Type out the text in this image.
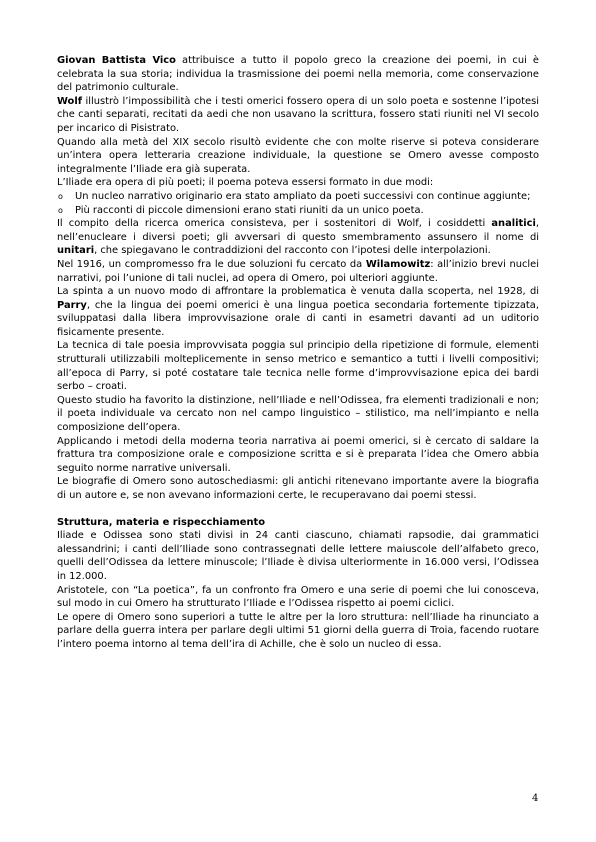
Giovan Battista Vico attribuisce a tutto il popolo greco la creazione dei poemi, in cui è celebrata la sua storia; individua la trasmissione dei poemi nella memoria, come conservazione del patrimonio culturale.

Wolf illustrò l’impossibilità che i testi omerici fossero opera di un solo poeta e sostenne l’ipotesi che canti separati, recitati da aedi che non usavano la scrittura, fossero stati riuniti nel VI secolo per incarico di Pisistrato.

Quando alla metà del XIX secolo risultò evidente che con molte riserve si poteva considerare un’intera opera letteraria creazione individuale, la questione se Omero avesse composto integralmente l’Iliade era già superata.

L’Iliade era opera di più poeti; il poema poteva essersi formato in due modi:

o Un nucleo narrativo originario era stato ampliato da poeti successivi con continue aggiunte;
o Più racconti di piccole dimensioni erano stati riuniti da un unico poeta.

Il compito della ricerca omerica consisteva, per i sostenitori di Wolf, i cosiddetti analitici, nell’enucleare i diversi poeti; gli avversari di questo smembramento assunsero il nome di unitari, che spiegavano le contraddizioni del racconto con l’ipotesi delle interpolazioni.

Nel 1916, un compromesso fra le due soluzioni fu cercato da Wilamowitz: all’inizio brevi nuclei narrativi, poi l’unione di tali nuclei, ad opera di Omero, poi ulteriori aggiunte.

La spinta a un nuovo modo di affrontare la problematica è venuta dalla scoperta, nel 1928, di Parry, che la lingua dei poemi omerici è una lingua poetica secondaria fortemente tipizzata, sviluppatasi dalla libera improvvisazione orale di canti in esametri davanti ad un uditorio fisicamente presente.

La tecnica di tale poesia improvvisata poggia sul principio della ripetizione di formule, elementi strutturali utilizzabili molteplicemente in senso metrico e semantico a tutti i livelli compositivi; all’epoca di Parry, si poté costatare tale tecnica nelle forme d’improvvisazione epica dei bardi serbo – croati.

Questo studio ha favorito la distinzione, nell’Iliade e nell’Odissea, fra elementi tradizionali e non; il poeta individuale va cercato non nel campo linguistico – stilistico, ma nell’impianto e nella composizione dell’opera.

Applicando i metodi della moderna teoria narrativa ai poemi omerici, si è cercato di saldare la frattura tra composizione orale e composizione scritta e si è preparata l’idea che Omero abbia seguito norme narrative universali.

Le biografie di Omero sono autoschediasmi: gli antichi ritenevano importante avere la biografia di un autore e, se non avevano informazioni certe, le recuperavano dai poemi stessi.

Struttura, materia e rispecchiamento

Iliade e Odissea sono stati divisi in 24 canti ciascuno, chiamati rapsodie, dai grammatici alessandrini; i canti dell’Iliade sono contrassegnati delle lettere maiuscole dell’alfabeto greco, quelli dell’Odissea da lettere minuscole; l’Iliade è divisa ulteriormente in 16.000 versi, l’Odissea in 12.000.

Aristotele, con “La poetica”, fa un confronto fra Omero e una serie di poemi che lui conosceva, sul modo in cui Omero ha strutturato l’Iliade e l’Odissea rispetto ai poemi ciclici.

Le opere di Omero sono superiori a tutte le altre per la loro struttura: nell’Iliade ha rinunciato a parlare della guerra intera per parlare degli ultimi 51 giorni della guerra di Troia, facendo ruotare l’intero poema intorno al tema dell’ira di Achille, che è solo un nucleo di essa.

4
